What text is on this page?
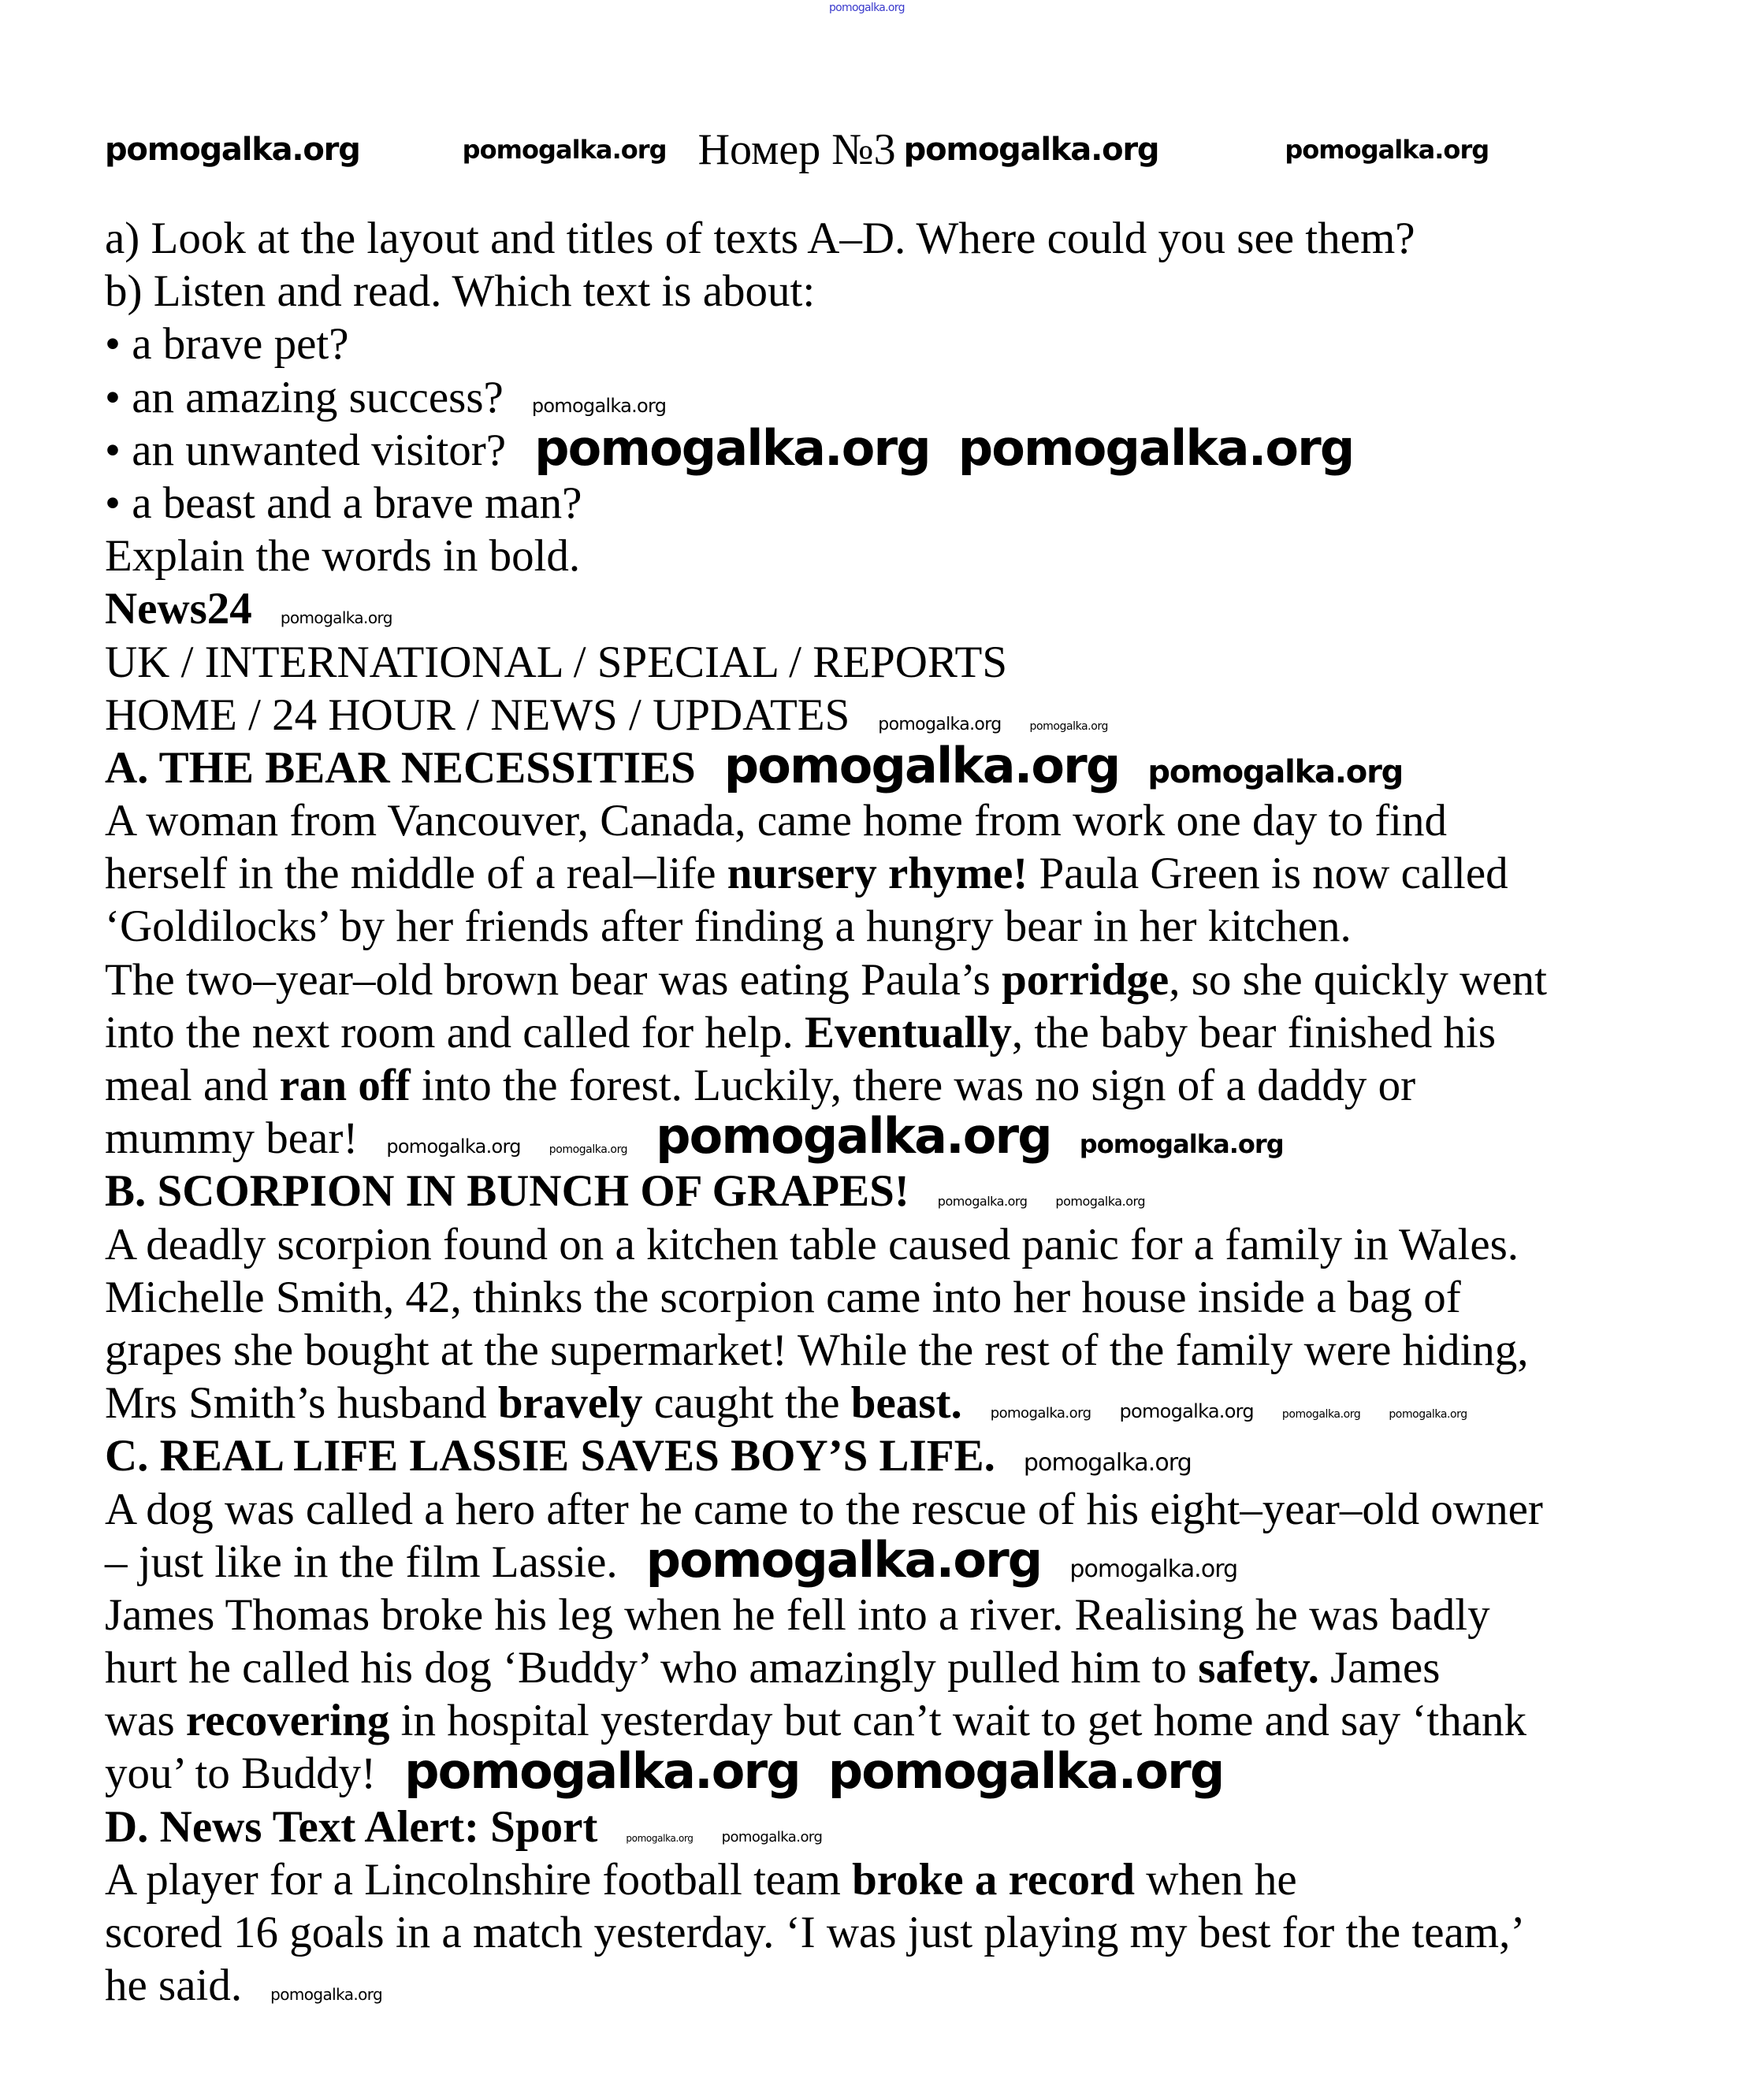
pomogalka.org
pomogalka.org	pomogalka.org Номер №3 pomogalka.org	pomogalka.org
a) Look at the layout and titles of texts A–D. Where could you see them?
b) Listen and read. Which text is about:
• a brave pet?
• an amazing success? pomogalka.org
• an unwanted visitor? pomogalka.org pomogalka.org
• a beast and a brave man?
Explain the words in bold.
News24 pomogalka.org
UK / INTERNATIONAL / SPECIAL / REPORTS
HOME / 24 HOUR / NEWS / UPDATES pomogalka.org	pomogalka.org
A. THE BEAR NECESSITIES pomogalka.org pomogalka.org
A woman from Vancouver, Canada, came home from work one day to find
herself in the middle of a real–life nursery rhyme! Paula Green is now called
‘Goldilocks’ by her friends after finding a hungry bear in her kitchen.
The two–year–old brown bear was eating Paula’s porridge, so she quickly went
into the next room and called for help. Eventually, the baby bear finished his
meal and ran off into the forest. Luckily, there was no sign of a daddy or
mummy bear! pomogalka.org	pomogalka.org pomogalka.org pomogalka.org
B. SCORPION IN BUNCH OF GRAPES! pomogalka.org pomogalka.org
A deadly scorpion found on a kitchen table caused panic for a family in Wales.
Michelle Smith, 42, thinks the scorpion came into her house inside a bag of
grapes she bought at the supermarket! While the rest of the family were hiding,
Mrs Smith’s husband bravely caught the beast. pomogalka.org pomogalka.org	pomogalka.org	pomogalka.org
C. REAL LIFE LASSIE SAVES BOY’S LIFE. pomogalka.org
A dog was called a hero after he came to the rescue of his eight–year–old owner
– just like in the film Lassie. pomogalka.org pomogalka.org
James Thomas broke his leg when he fell into a river. Realising he was badly
hurt he called his dog ‘Buddy’ who amazingly pulled him to safety. James
was recovering in hospital yesterday but can’t wait to get home and say ‘thank
you’ to Buddy! pomogalka.org pomogalka.org
D. News Text Alert: Sport	pomogalka.org pomogalka.org
A player for a Lincolnshire football team broke a record when he
scored 16 goals in a match yesterday. ‘I was just playing my best for the team,’
he said. pomogalka.org
